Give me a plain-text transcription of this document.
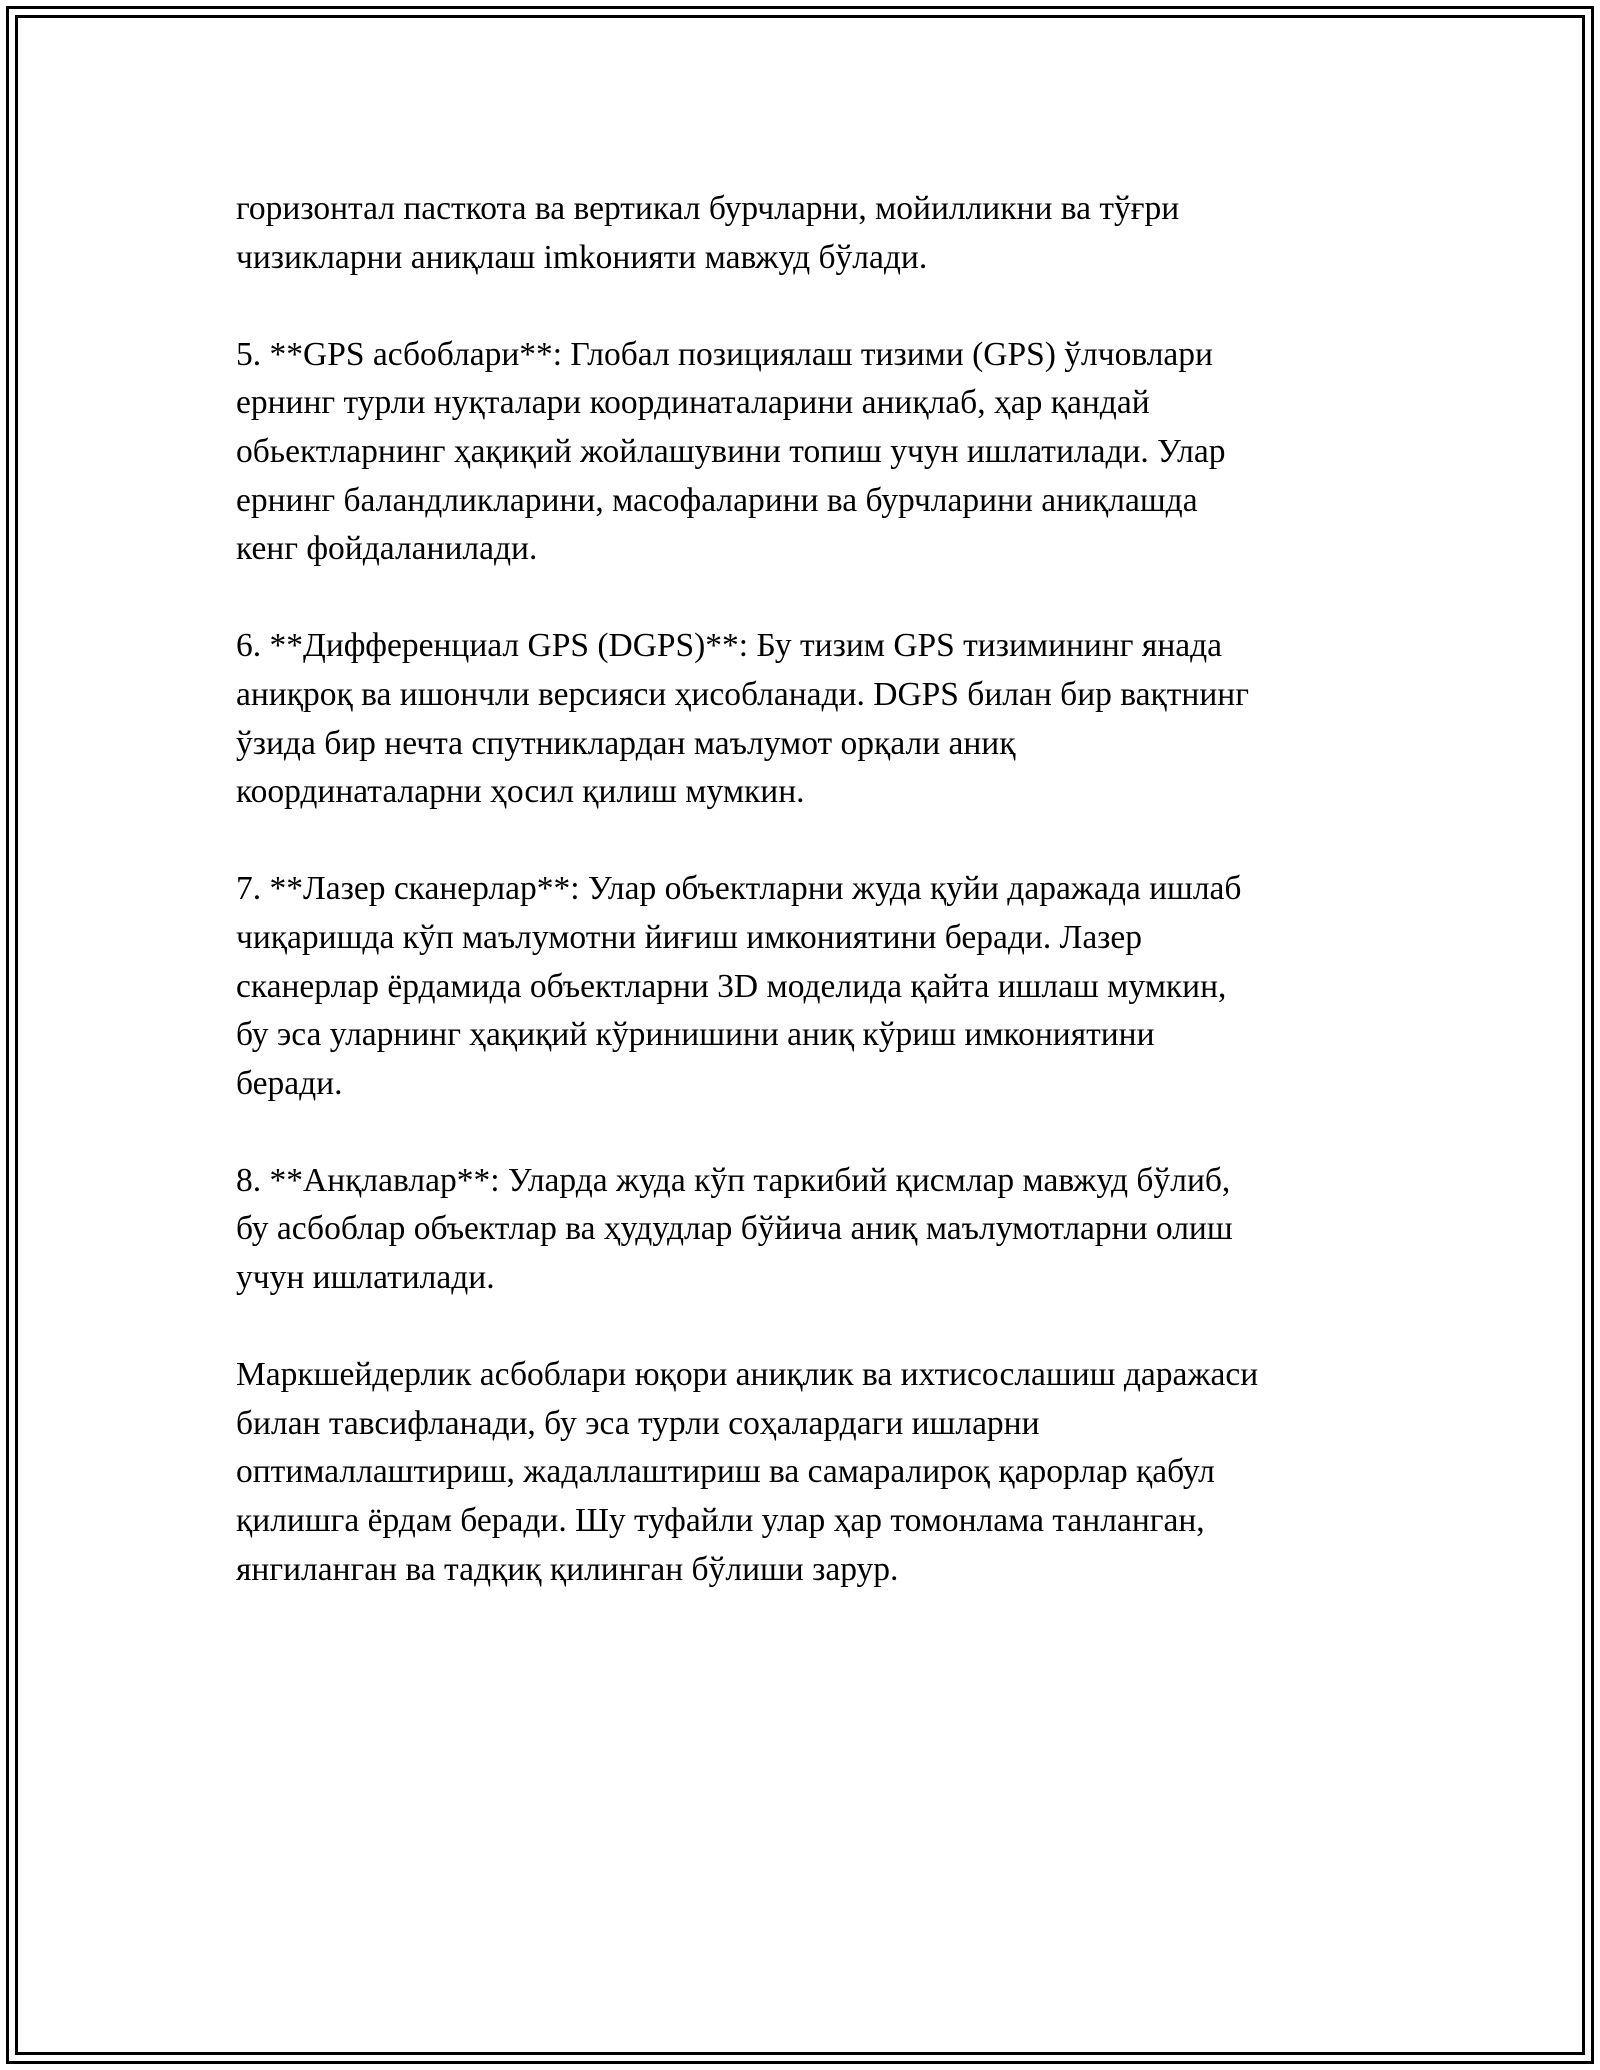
горизонтал пасткота ва вертикал бурчларни, мойилликни ва тўғри
чизикларни аниқлаш imkoнияти мавжуд бўлади.

5. **GPS асбоблари**: Глобал позициялаш тизими (GPS) ўлчовлари
ернинг турли нуқталари координаталарини аниқлаб, ҳар қандай
обьектларнинг ҳақиқий жойлашувини топиш учун ишлатилади. Улар
ернинг баландликларини, масофаларини ва бурчларини аниқлашда
кенг фойдаланилади.

6. **Дифференциал GPS (DGPS)**: Бу тизим GPS тизимининг янада
аниқроқ ва ишончли версияси ҳисобланади. DGPS билан бир вақтнинг
ўзида бир нечта спутниклардан маълумот орқали аниқ
координаталарни ҳосил қилиш мумкин.

7. **Лазер сканерлар**: Улар объектларни жуда қуйи даражада ишлаб
чиқаришда кўп маълумотни йиғиш имкониятини беради. Лазер
сканерлар ёрдамида объектларни 3D моделида қайта ишлаш мумкин,
бу эса уларнинг ҳақиқий кўринишини аниқ кўриш имкониятини
беради.

8. **Анқлавлар**: Уларда жуда кўп таркибий қисмлар мавжуд бўлиб,
бу асбоблар объектлар ва ҳудудлар бўйича аниқ маълумотларни олиш
учун ишлатилади.

Маркшейдерлик асбоблари юқори аниқлик ва ихтисослашиш даражаси
билан тавсифланади, бу эса турли соҳалардаги ишларни
оптималлаштириш, жадаллаштириш ва самаралироқ қарорлар қабул
қилишга ёрдам беради. Шу туфайли улар ҳар томонлама танланган,
янгиланган ва тадқиқ қилинган бўлиши зарур.
